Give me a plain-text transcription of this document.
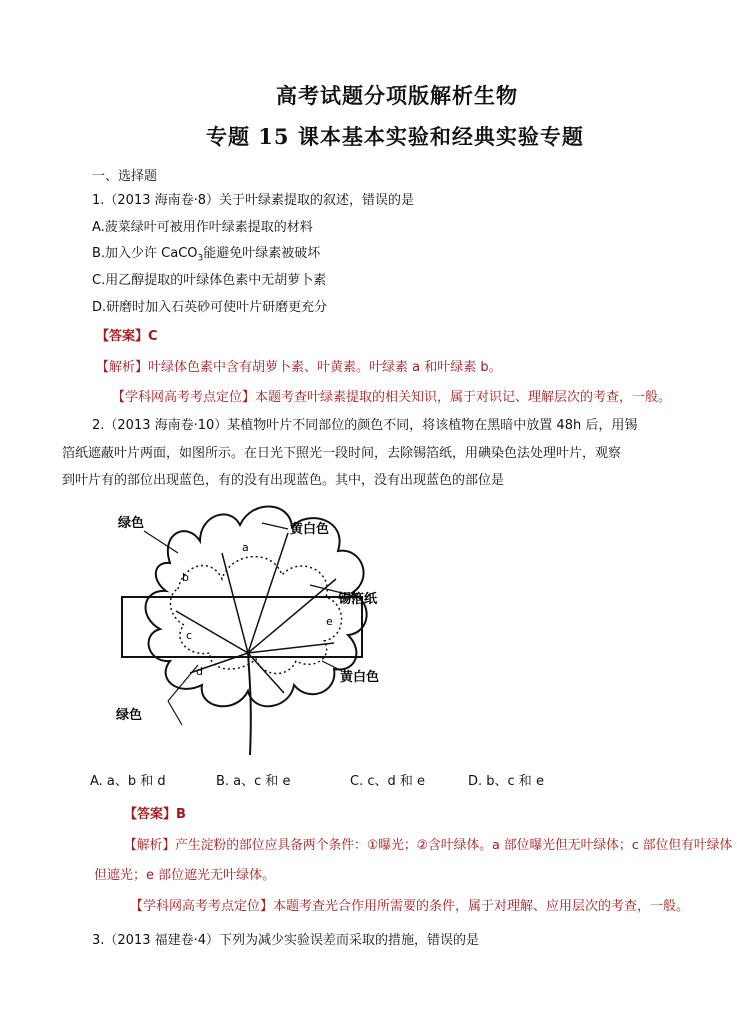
高考试题分项版解析生物
专题 15 课本基本实验和经典实验专题
一、选择题
1.（2013 海南卷·8）关于叶绿素提取的叙述，错误的是
A.菠菜绿叶可被用作叶绿素提取的材料
B.加入少许 CaCO$_3$能避免叶绿素被破坏
C.用乙醇提取的叶绿体色素中无胡萝卜素
D.研磨时加入石英砂可使叶片研磨更充分
【答案】C
【解析】叶绿体色素中含有胡萝卜素、叶黄素。叶绿素 a 和叶绿素 b。
【学科网高考考点定位】本题考查叶绿素提取的相关知识，属于对识记、理解层次的考查，一般。
2.（2013 海南卷·10）某植物叶片不同部位的颜色不同，将该植物在黑暗中放置 48h 后，用锡
箔纸遮蔽叶片两面，如图所示。在日光下照光一段时间，去除锡箔纸，用碘染色法处理叶片，观察
到叶片有的部位出现蓝色，有的没有出现蓝色。其中，没有出现蓝色的部位是
绿色	黄白色
锡箔纸
黄白色
绿色
a
b
c
d
e
A. a、b 和 d	B. a、c 和 e	C. c、d 和 e	D. b、c 和 e
【答案】B
【解析】产生淀粉的部位应具备两个条件：①曝光；②含叶绿体。a 部位曝光但无叶绿体；c 部位但有叶绿体
但遮光；e 部位遮光无叶绿体。
【学科网高考考点定位】本题考查光合作用所需要的条件，属于对理解、应用层次的考查，一般。
3.（2013 福建卷·4）下列为减少实验误差而采取的措施，错误的是
